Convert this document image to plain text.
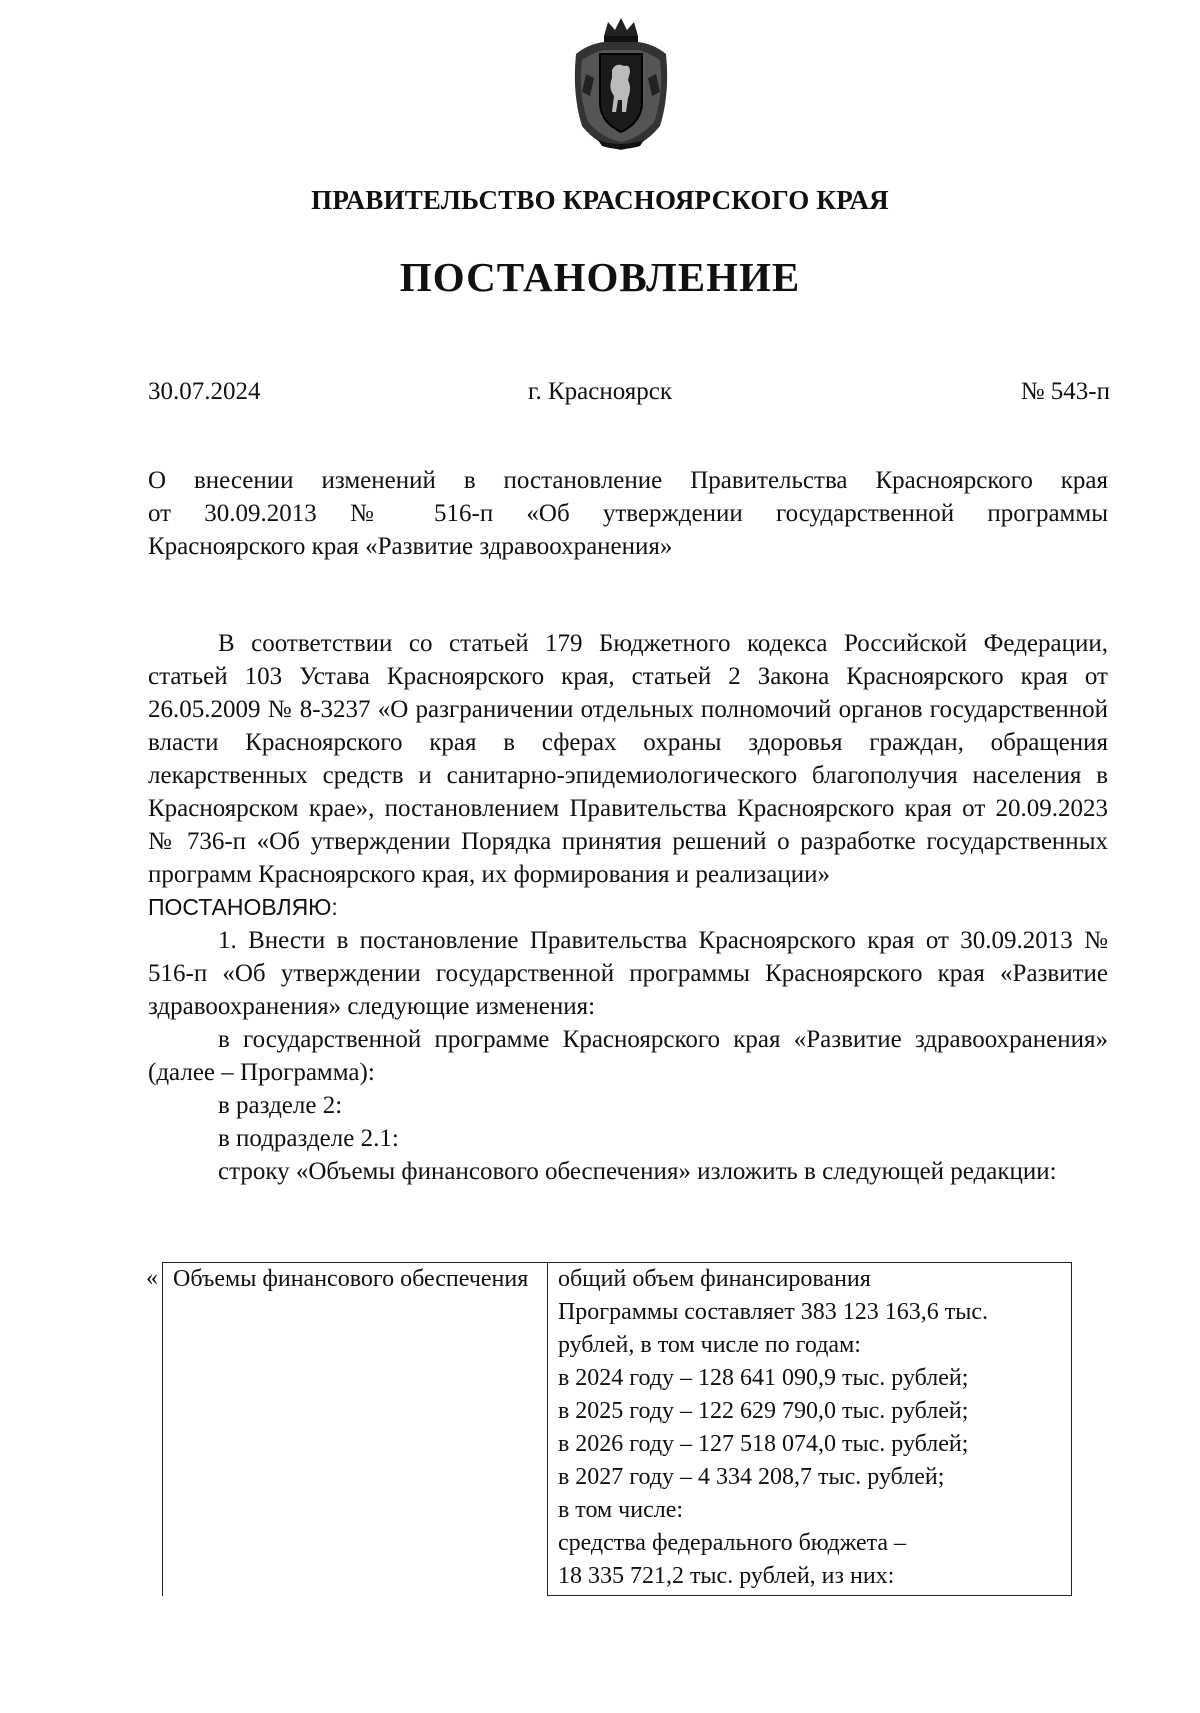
ПРАВИТЕЛЬСТВО КРАСНОЯРСКОГО КРАЯ
ПОСТАНОВЛЕНИЕ
30.07.2024	г. Красноярск	№ 543-п
О внесении изменений в постановление Правительства Красноярского края
от 30.09.2013 № 516-п «Об утверждении государственной программы
Красноярского края «Развитие здравоохранения»

В соответствии со статьей 179 Бюджетного кодекса Российской Федерации, статьей 103 Устава Красноярского края, статьей 2 Закона Красноярского края от 26.05.2009 № 8-3237 «О разграничении отдельных полномочий органов государственной власти Красноярского края в сферах охраны здоровья граждан, обращения лекарственных средств и санитарно-эпидемиологического благополучия населения в Красноярском крае», постановлением Правительства Красноярского края от 20.09.2023 № 736-п «Об утверждении Порядка принятия решений о разработке государственных программ Красноярского края, их формирования и реализации»

ПОСТАНОВЛЯЮ:

1. Внести в постановление Правительства Красноярского края от 30.09.2013 № 516-п «Об утверждении государственной программы Красноярского края «Развитие здравоохранения» следующие изменения:

в государственной программе Красноярского края «Развитие здравоохранения» (далее – Программа):

в разделе 2:

в подразделе 2.1:

строку «Объемы финансового обеспечения» изложить в следующей редакции:

« Объемы финансового обеспечения	общий объем финансирования
Программы составляет 383 123 163,6 тыс.
рублей, в том числе по годам:
в 2024 году – 128 641 090,9 тыс. рублей;
в 2025 году – 122 629 790,0 тыс. рублей;
в 2026 году – 127 518 074,0 тыс. рублей;
в 2027 году – 4 334 208,7 тыс. рублей;
в том числе:
средства федерального бюджета –
18 335 721,2 тыс. рублей, из них:
